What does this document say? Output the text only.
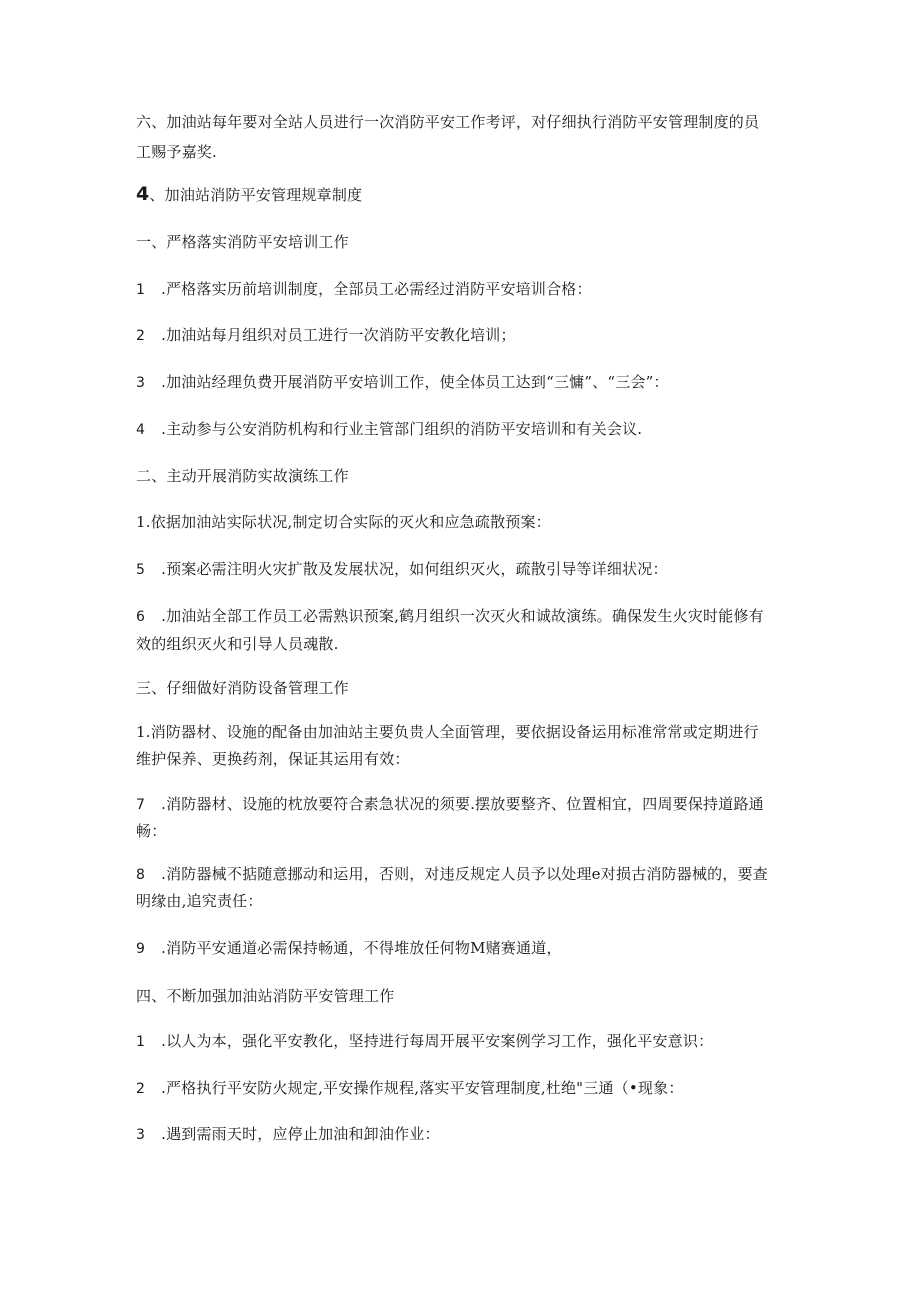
六、加油站每年要对全站人员进行一次消防平安工作考评，对仔细执行消防平安管理制度的员
工赐予嘉奖.
4、加油站消防平安管理规章制度
一、严格落实消防平安培训工作
1 .严格落实历前培训制度，全部员工必需经过消防平安培训合格：
2 .加油站每月组织对员工进行一次消防平安教化培训；
3 .加油站经理负费开展消防平安培训工作，使全体员工达到“三慵”、“三会”：
4 .主动参与公安消防机构和行业主管部门组织的消防平安培训和有关会议.
二、主动开展消防实故演练工作
1.依据加油站实际状况,制定切合实际的灭火和应急疏散预案：
5 .预案必需注明火灾扩散及发展状况，如何组织灭火，疏散引导等详细状况：
6 .加油站全部工作员工必需熟识预案,鹤月组织一次灭火和诚故演练。确保发生火灾时能修有
效的组织灭火和引导人员魂散.
三、仔细做好消防设备管理工作
1.消防器材、设施的配备由加油站主要负贵人全面管理，要依据设备运用标准常常或定期进行
维护保养、更换药剂，保证其运用有效：
7 .消防器材、设施的枕放要符合素急状况的须要.摆放要整齐、位置相宜，四周要保持道路通
畅：
8 .消防器械不掂随意挪动和运用，否则，对违反规定人员予以处理e对损古消防器械的，要查
明缘由,追究责任：
9 .消防平安通道必需保持畅通，不得堆放任何物M赌赛通道，
四、不断加强加油站消防平安管理工作
1 .以人为本，强化平安教化，坚持进行每周开展平安案例学习工作，强化平安意识：
2 .严格执行平安防火规定,平安操作规程,落实平安管理制度,杜绝"三通（•现象：
3 .遇到需雨天时，应停止加油和卸油作业：
